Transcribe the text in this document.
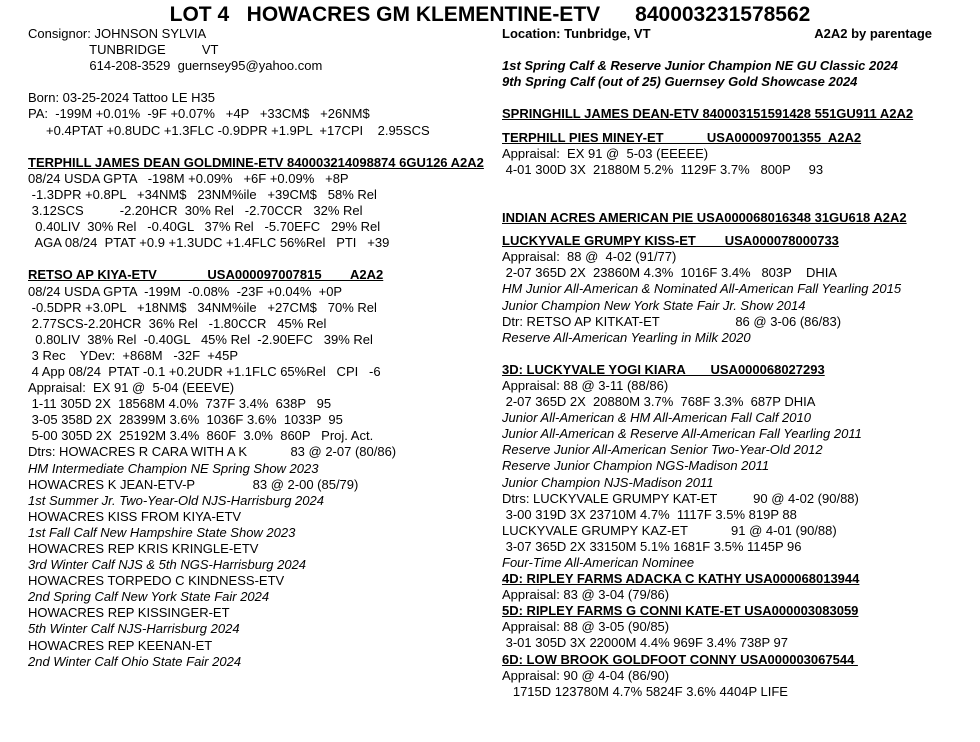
LOT 4   HOWACRES GM KLEMENTINE-ETV      840003231578562
Consignor: JOHNSON SYLVIA
TUNBRIDGE          VT
614-208-3529  guernsey95@yahoo.com
Born: 03-25-2024 Tattoo LE H35
PA:  -199M +0.01%  -9F +0.07%   +4P   +33CM$   +26NM$
+0.4PTAT +0.8UDC +1.3FLC -0.9DPR +1.9PL  +17CPI    2.95SCS
TERPHILL JAMES DEAN GOLDMINE-ETV 840003214098874 6GU126 A2A2
08/24 USDA GPTA   -198M +0.09%   +6F +0.09%   +8P
-1.3DPR +0.8PL   +34NM$   23NM%ile   +39CM$   58% Rel
3.12SCS          -2.20HCR  30% Rel   -2.70CCR   32% Rel
0.40LIV  30% Rel   -0.40GL   37% Rel   -5.70EFC   29% Rel
AGA 08/24  PTAT +0.9 +1.3UDC +1.4FLC 56%Rel   PTI   +39
RETSO AP KIYA-ETV              USA000097007815        A2A2
08/24 USDA GPTA  -199M  -0.08%  -23F +0.04%  +0P
-0.5DPR +3.0PL   +18NM$   34NM%ile   +27CM$   70% Rel
2.77SCS-2.20HCR  36% Rel   -1.80CCR   45% Rel
0.80LIV  38% Rel  -0.40GL   45% Rel  -2.90EFC   39% Rel
3 Rec    YDev:  +868M   -32F  +45P
4 App 08/24  PTAT -0.1 +0.2UDR +1.1FLC 65%Rel   CPI   -6
Appraisal:  EX 91 @  5-04 (EEEVE)
1-11 305D 2X  18568M 4.0%  737F 3.4%  638P   95
3-05 358D 2X  28399M 3.6%  1036F 3.6%  1033P  95
5-00 305D 2X  25192M 3.4%  860F  3.0%  860P   Proj. Act.
Dtrs: HOWACRES R CARA WITH A K            83 @ 2-07 (80/86)
HM Intermediate Champion NE Spring Show 2023
HOWACRES K JEAN-ETV-P                83 @ 2-00 (85/79)
1st Summer Jr. Two-Year-Old NJS-Harrisburg 2024
HOWACRES KISS FROM KIYA-ETV
1st Fall Calf New Hampshire State Show 2023
HOWACRES REP KRIS KRINGLE-ETV
3rd Winter Calf NJS & 5th NGS-Harrisburg 2024
HOWACRES TORPEDO C KINDNESS-ETV
2nd Spring Calf New York State Fair 2024
HOWACRES REP KISSINGER-ET
5th Winter Calf NJS-Harrisburg 2024
HOWACRES REP KEENAN-ET
2nd Winter Calf Ohio State Fair 2024
Location: Tunbridge, VT	A2A2 by parentage
1st Spring Calf & Reserve Junior Champion NE GU Classic 2024
9th Spring Calf (out of 25) Guernsey Gold Showcase 2024
SPRINGHILL JAMES DEAN-ETV 840003151591428 551GU911 A2A2
TERPHILL PIES MINEY-ET            USA000097001355  A2A2
Appraisal:  EX 91 @  5-03 (EEEEE)
4-01 300D 3X  21880M 5.2%  1129F 3.7%   800P     93
INDIAN ACRES AMERICAN PIE USA000068016348 31GU618 A2A2
LUCKYVALE GRUMPY KISS-ET        USA000078000733
Appraisal:  88 @  4-02 (91/77)
2-07 365D 2X  23860M 4.3%  1016F 3.4%   803P    DHIA
HM Junior All-American & Nominated All-American Fall Yearling 2015
Junior Champion New York State Fair Jr. Show 2014
Dtr: RETSO AP KITKAT-ET                     86 @ 3-06 (86/83)
Reserve All-American Yearling in Milk 2020
3D: LUCKYVALE YOGI KIARA       USA000068027293
Appraisal: 88 @ 3-11 (88/86)
2-07 365D 2X  20880M 3.7%  768F 3.3%  687P DHIA
Junior All-American & HM All-American Fall Calf 2010
Junior All-American & Reserve All-American Fall Yearling 2011
Reserve Junior All-American Senior Two-Year-Old 2012
Reserve Junior Champion NGS-Madison 2011
Junior Champion NJS-Madison 2011
Dtrs: LUCKYVALE GRUMPY KAT-ET          90 @ 4-02 (90/88)
3-00 319D 3X 23710M 4.7%  1117F 3.5% 819P 88
LUCKYVALE GRUMPY KAZ-ET            91 @ 4-01 (90/88)
3-07 365D 2X 33150M 5.1% 1681F 3.5% 1145P 96
Four-Time All-American Nominee
4D: RIPLEY FARMS ADACKA C KATHY USA000068013944
Appraisal: 83 @ 3-04 (79/86)
5D: RIPLEY FARMS G CONNI KATE-ET USA000003083059
Appraisal: 88 @ 3-05 (90/85)
3-01 305D 3X 22000M 4.4% 969F 3.4% 738P 97
6D: LOW BROOK GOLDFOOT CONNY USA000003067544
Appraisal: 90 @ 4-04 (86/90)
1715D 123780M 4.7% 5824F 3.6% 4404P LIFE
